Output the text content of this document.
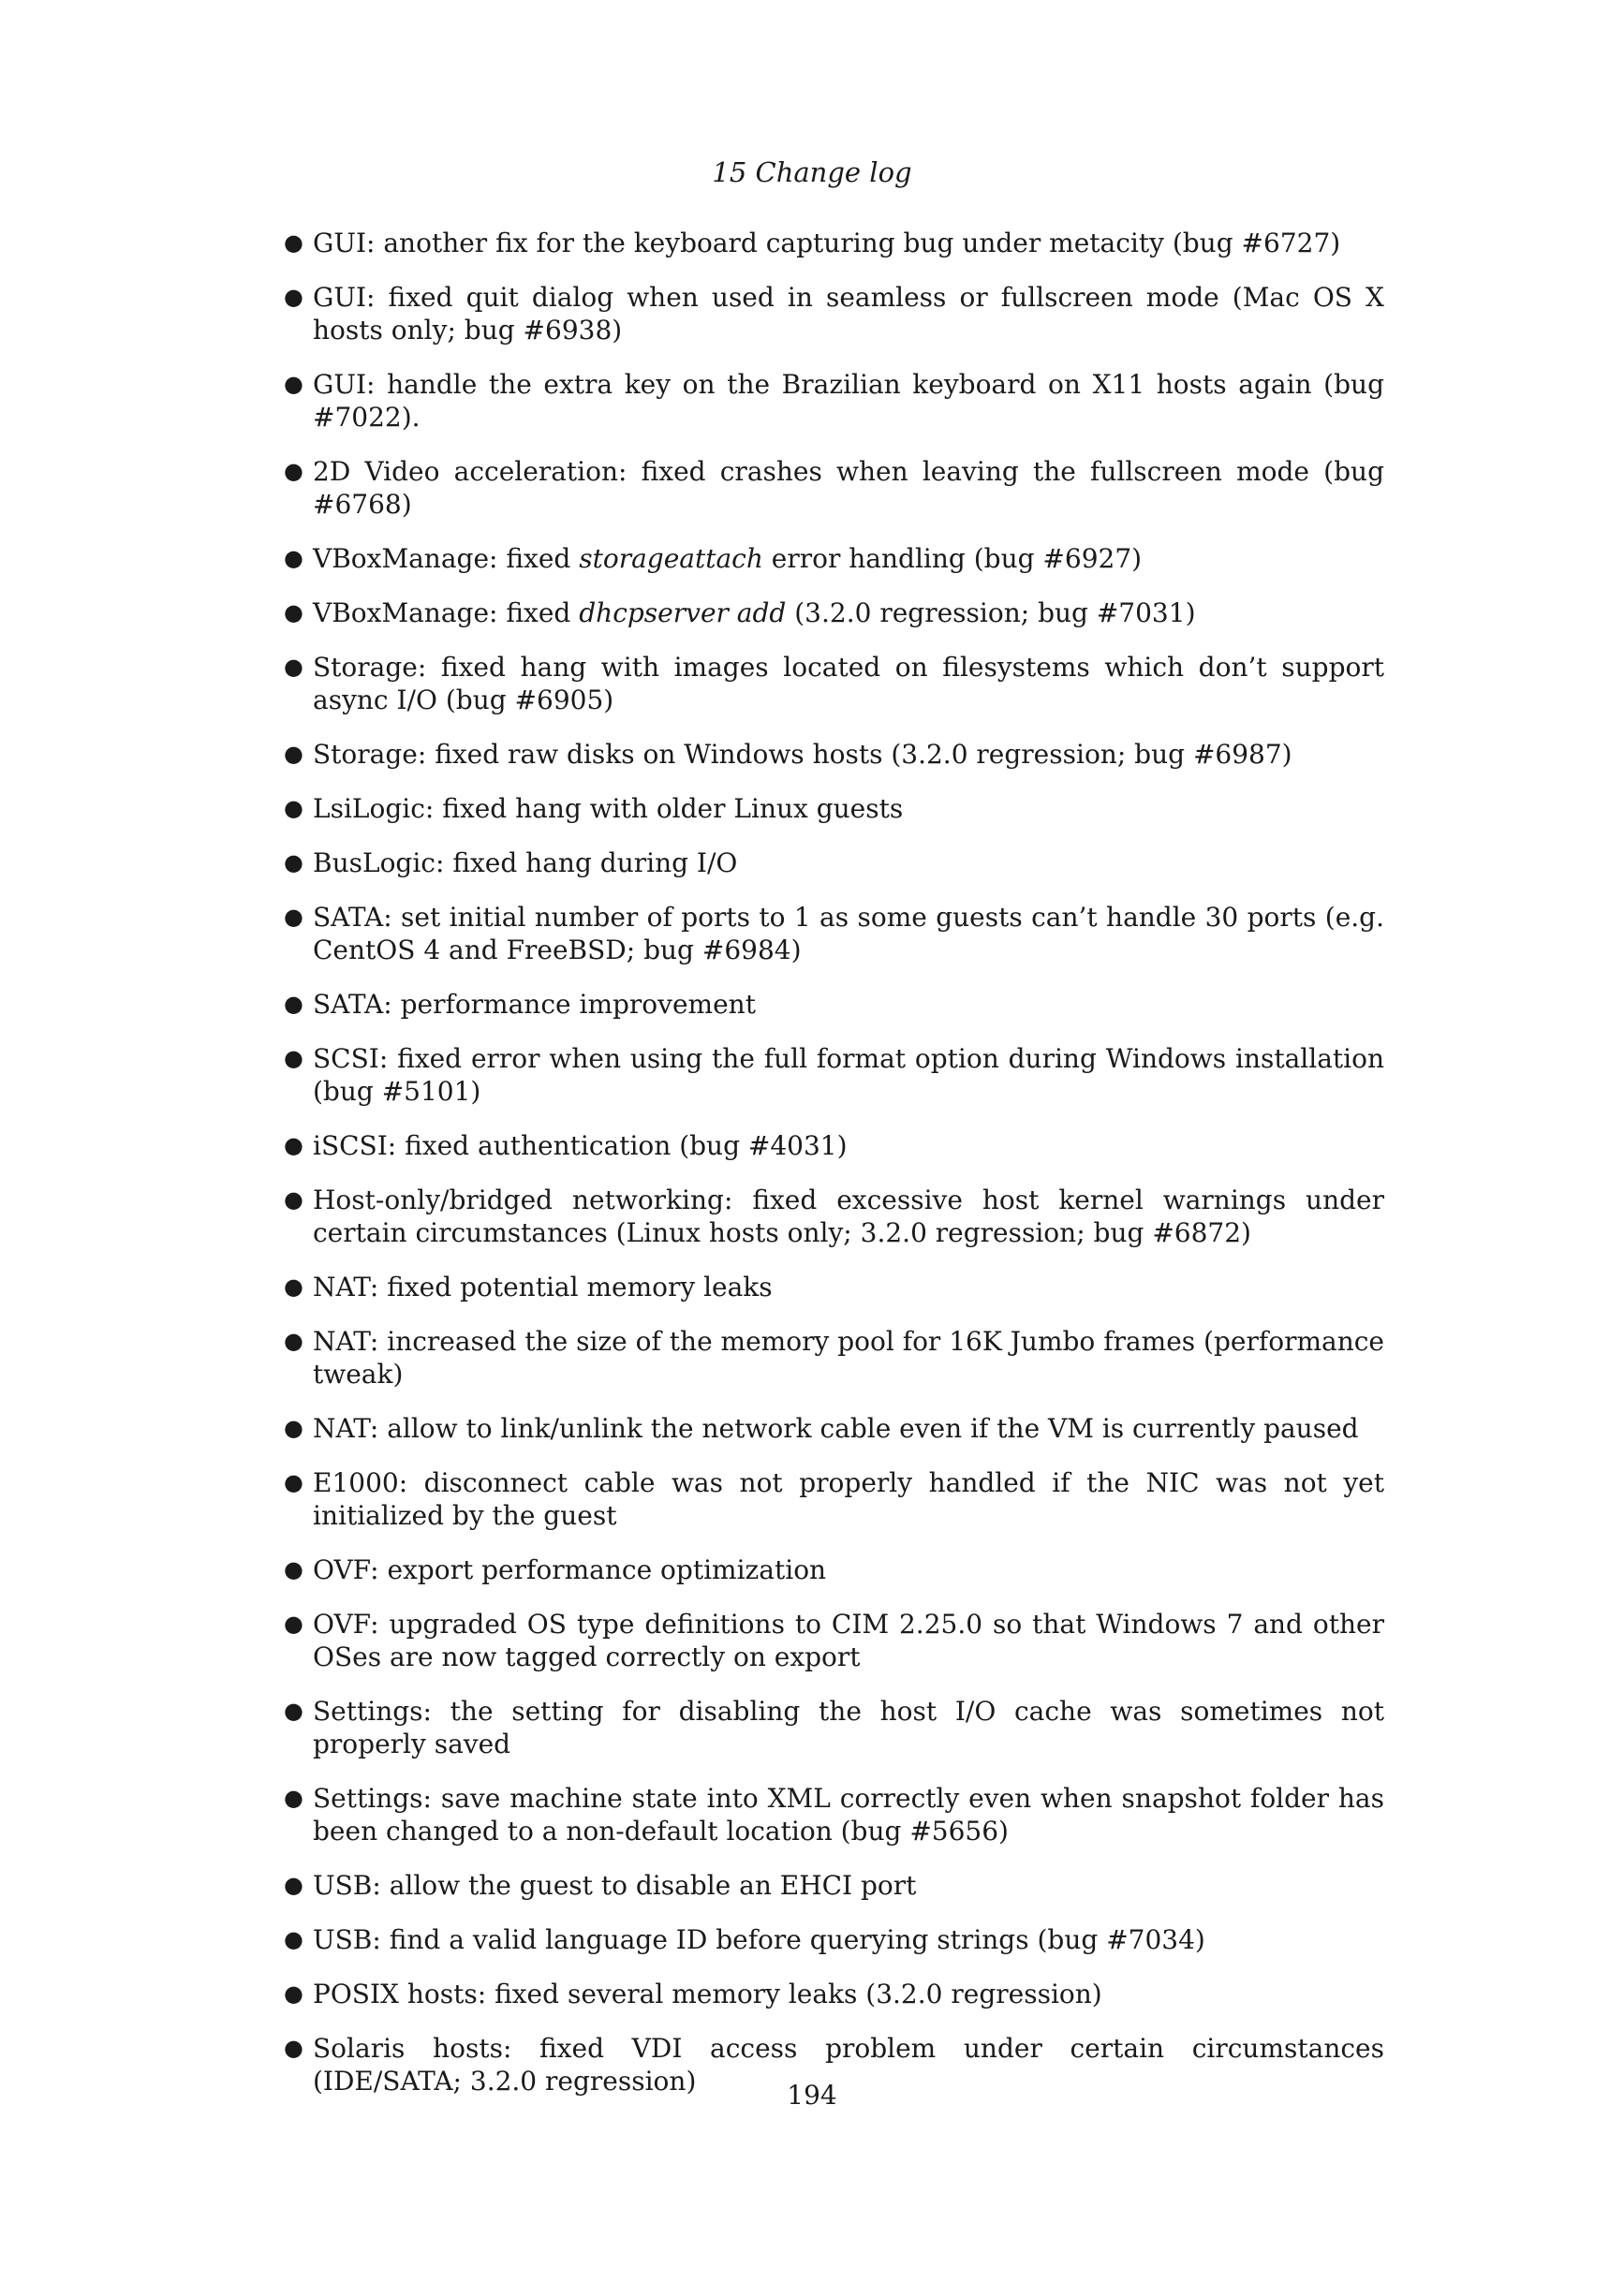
15 Change log
● GUI: another fix for the keyboard capturing bug under metacity (bug #6727)
● GUI: fixed quit dialog when used in seamless or fullscreen mode (Mac OS X hosts only; bug #6938)
● GUI: handle the extra key on the Brazilian keyboard on X11 hosts again (bug #7022).
● 2D Video acceleration: fixed crashes when leaving the fullscreen mode (bug #6768)
● VBoxManage: fixed storageattach error handling (bug #6927)
● VBoxManage: fixed dhcpserver add (3.2.0 regression; bug #7031)
● Storage: fixed hang with images located on filesystems which don’t support async I/O (bug #6905)
● Storage: fixed raw disks on Windows hosts (3.2.0 regression; bug #6987)
● LsiLogic: fixed hang with older Linux guests
● BusLogic: fixed hang during I/O
● SATA: set initial number of ports to 1 as some guests can’t handle 30 ports (e.g. CentOS 4 and FreeBSD; bug #6984)
● SATA: performance improvement
● SCSI: fixed error when using the full format option during Windows installation (bug #5101)
● iSCSI: fixed authentication (bug #4031)
● Host-only/bridged networking: fixed excessive host kernel warnings under certain circumstances (Linux hosts only; 3.2.0 regression; bug #6872)
● NAT: fixed potential memory leaks
● NAT: increased the size of the memory pool for 16K Jumbo frames (performance tweak)
● NAT: allow to link/unlink the network cable even if the VM is currently paused
● E1000: disconnect cable was not properly handled if the NIC was not yet initialized by the guest
● OVF: export performance optimization
● OVF: upgraded OS type definitions to CIM 2.25.0 so that Windows 7 and other OSes are now tagged correctly on export
● Settings: the setting for disabling the host I/O cache was sometimes not properly saved
● Settings: save machine state into XML correctly even when snapshot folder has been changed to a non-default location (bug #5656)
● USB: allow the guest to disable an EHCI port
● USB: find a valid language ID before querying strings (bug #7034)
● POSIX hosts: fixed several memory leaks (3.2.0 regression)
● Solaris hosts: fixed VDI access problem under certain circumstances (IDE/SATA; 3.2.0 regression)	194
